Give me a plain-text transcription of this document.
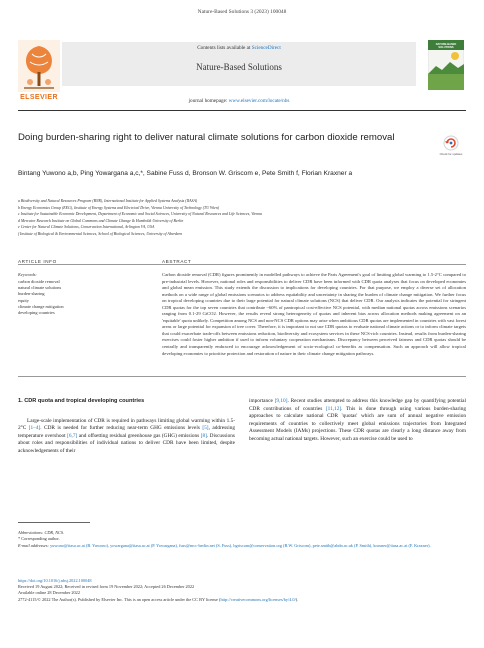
Nature-Based Solutions 3 (2023) 100048
ELSEVIER
Contents lists available at ScienceDirect
Nature-Based Solutions
journal homepage: www.elsevier.com/locate/nbs
NATURE-BASED SOLUTIONS
Doing burden-sharing right to deliver natural climate solutions for carbon dioxide removal
Check for updates
Bintang Yuwono a,b, Ping Yowargana a,c,*, Sabine Fuss d, Bronson W. Griscom e, Pete Smith f, Florian Kraxner a
a Biodiversity and Natural Resources Program (BNR), International Institute for Applied Systems Analysis (IIASA)
b Energy Economics Group (EEG), Institute of Energy Systems and Electrical Drive, Vienna University of Technology (TU Wien)
c Institute for Sustainable Economic Development, Department of Economic and Social Sciences, University of Natural Resources and Life Sciences, Vienna
d Mercator Research Institute on Global Commons and Climate Change & Humboldt University of Berlin
e Center for Natural Climate Solutions, Conservation International, Arlington VA, USA
f Institute of Biological & Environmental Sciences, School of Biological Sciences, University of Aberdeen
ARTICLE INFO	ABSTRACT
Keywords:
carbon dioxide removal
natural climate solutions
burden-sharing
equity
climate change mitigation
developing countries
Carbon dioxide removal (CDR) figures prominently in modelled pathways to achieve the Paris Agreement's goal of limiting global warming to 1.5-2°C compared to pre-industrial levels. However, national roles and responsibilities to deliver CDR have been informed with CDR quota analyses that focus on developed economies and global mean emission. This study extends the discussion to implications for developing countries. For that purpose, we employ a diverse set of allocation methods on a wide range of global emissions scenarios to address equitability and uncertainty in sharing the burden of climate change mitigation. We further focus on tropical developing countries due to their large potential for natural climate solutions (NCS) that deliver CDR. Our analysis indicates the potential for stringent CDR quotas for the top seven countries that contribute ~60% of pantropical cost-effective NCS potential, with median national quotas across emissions scenarios ranging from 0.1-29 GtCO2. However, the results reveal strong heterogeneity of quotas and inherent bias across allocation methods making agreement on an 'equitable' quota unlikely. Competition among NCS and non-NCS CDR options may arise when ambitious CDR quotas are implemented in countries with vast forest areas or large potential for expansion of tree cover. Therefore, it is important to not use CDR quotas to evaluate national climate actions or to inform climate targets that could exacerbate trade-offs between emissions reduction, biodiversity and ecosystem services in these NCS-rich countries. Instead, results from burden-sharing exercises could foster higher ambition if used to inform voluntary cooperation mechanisms. Discrepancy between perceived fairness and CDR quotas should be centrally and transparently embraced to encourage acknowledgement of socio-ecological co-benefits as compensation. Such an approach will allow tropical developing economies to prioritise protection and restoration of nature in their climate change mitigation pathways.
1. CDR quota and tropical developing countries
Large-scale implementation of CDR is required in pathways limiting global warming within 1.5-2°C [1–4]. CDR is needed for further reducing near-term GHG emissions levels [5], addressing temperature overshoot [6,7] and offsetting residual greenhouse gas (GHG) emissions [8]. Discussions about roles and responsibilities of individual nations to deliver CDR have been limited, despite acknowledgements of their
importance [9,10]. Recent studies attempted to address this knowledge gap by quantifying potential CDR contributions of countries [11,12]. This is done through using various burden-sharing approaches to calculate national CDR 'quotas' which are sum of annual negative emission requirements of countries to collectively meet global emissions trajectories from Integrated Assessment Models (IAMs) projections. These CDR quotas are clearly a long distance away from becoming actual national targets. However, such an exercise could be used to
Abbreviations: CDR, NCS.
* Corresponding author.
E-mail addresses: yuwono@iiasa.ac.at (B. Yuwono), yowargana@iiasa.ac.at (P. Yowargana), fuss@mcc-berlin.net (S. Fuss), bgriscom@conservation.org (B.W. Griscom), pete.smith@abdn.ac.uk (P. Smith), kraxner@iiasa.ac.at (F. Kraxner).
https://doi.org/10.1016/j.nbsj.2022.100048
Received 19 August 2022; Received in revised form 19 November 2022; Accepted 26 December 2022
Available online 28 December 2022
2772-4115/© 2022 The Author(s). Published by Elsevier Inc. This is an open access article under the CC BY license (http://creativecommons.org/licenses/by/4.0/).
